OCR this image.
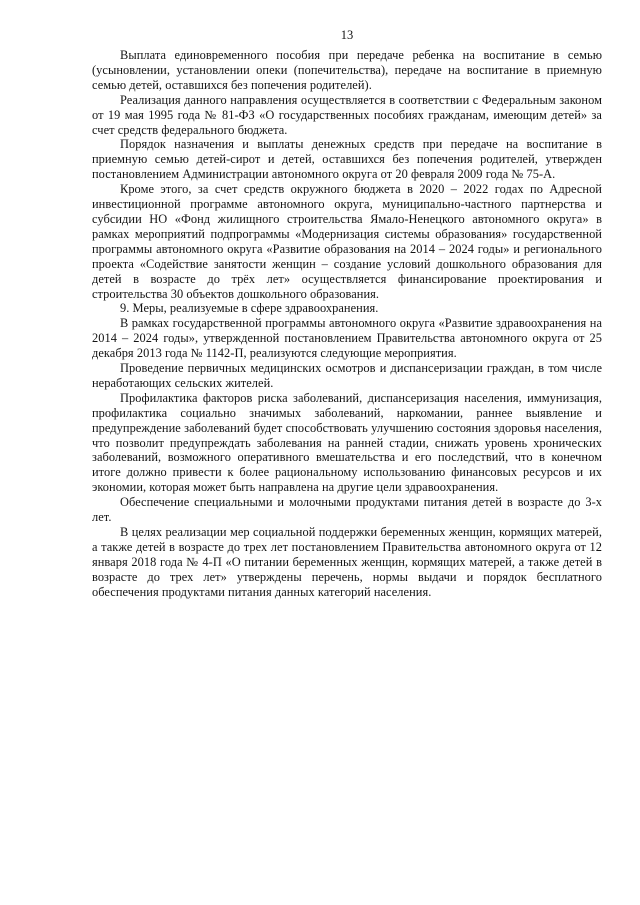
13

Выплата единовременного пособия при передаче ребенка на воспитание в семью (усыновлении, установлении опеки (попечительства), передаче на воспитание в приемную семью детей, оставшихся без попечения родителей).

Реализация данного направления осуществляется в соответствии с Федеральным законом от 19 мая 1995 года № 81-ФЗ «О государственных пособиях гражданам, имеющим детей» за счет средств федерального бюджета.

Порядок назначения и выплаты денежных средств при передаче на воспитание в приемную семью детей-сирот и детей, оставшихся без попечения родителей, утвержден постановлением Администрации автономного округа от 20 февраля 2009 года № 75-А.

Кроме этого, за счет средств окружного бюджета в 2020 – 2022 годах по Адресной инвестиционной программе автономного округа, муниципально-частного партнерства и субсидии НО «Фонд жилищного строительства Ямало-Ненецкого автономного округа» в рамках мероприятий подпрограммы «Модернизация системы образования» государственной программы автономного округа «Развитие образования на 2014 – 2024 годы» и регионального проекта «Содействие занятости женщин – создание условий дошкольного образования для детей в возрасте до трёх лет» осуществляется финансирование проектирования и строительства 30 объектов дошкольного образования.

9. Меры, реализуемые в сфере здравоохранения.

В рамках государственной программы автономного округа «Развитие здравоохранения на 2014 – 2024 годы», утвержденной постановлением Правительства автономного округа от 25 декабря 2013 года № 1142-П, реализуются следующие мероприятия.

Проведение первичных медицинских осмотров и диспансеризации граждан, в том числе неработающих сельских жителей.

Профилактика факторов риска заболеваний, диспансеризация населения, иммунизация, профилактика социально значимых заболеваний, наркомании, раннее выявление и предупреждение заболеваний будет способствовать улучшению состояния здоровья населения, что позволит предупреждать заболевания на ранней стадии, снижать уровень хронических заболеваний, возможного оперативного вмешательства и его последствий, что в конечном итоге должно привести к более рациональному использованию финансовых ресурсов и их экономии, которая может быть направлена на другие цели здравоохранения.

Обеспечение специальными и молочными продуктами питания детей в возрасте до 3-х лет.

В целях реализации мер социальной поддержки беременных женщин, кормящих матерей, а также детей в возрасте до трех лет постановлением Правительства автономного округа от 12 января 2018 года № 4-П «О питании беременных женщин, кормящих матерей, а также детей в возрасте до трех лет» утверждены перечень, нормы выдачи и порядок бесплатного обеспечения продуктами питания данных категорий населения.
